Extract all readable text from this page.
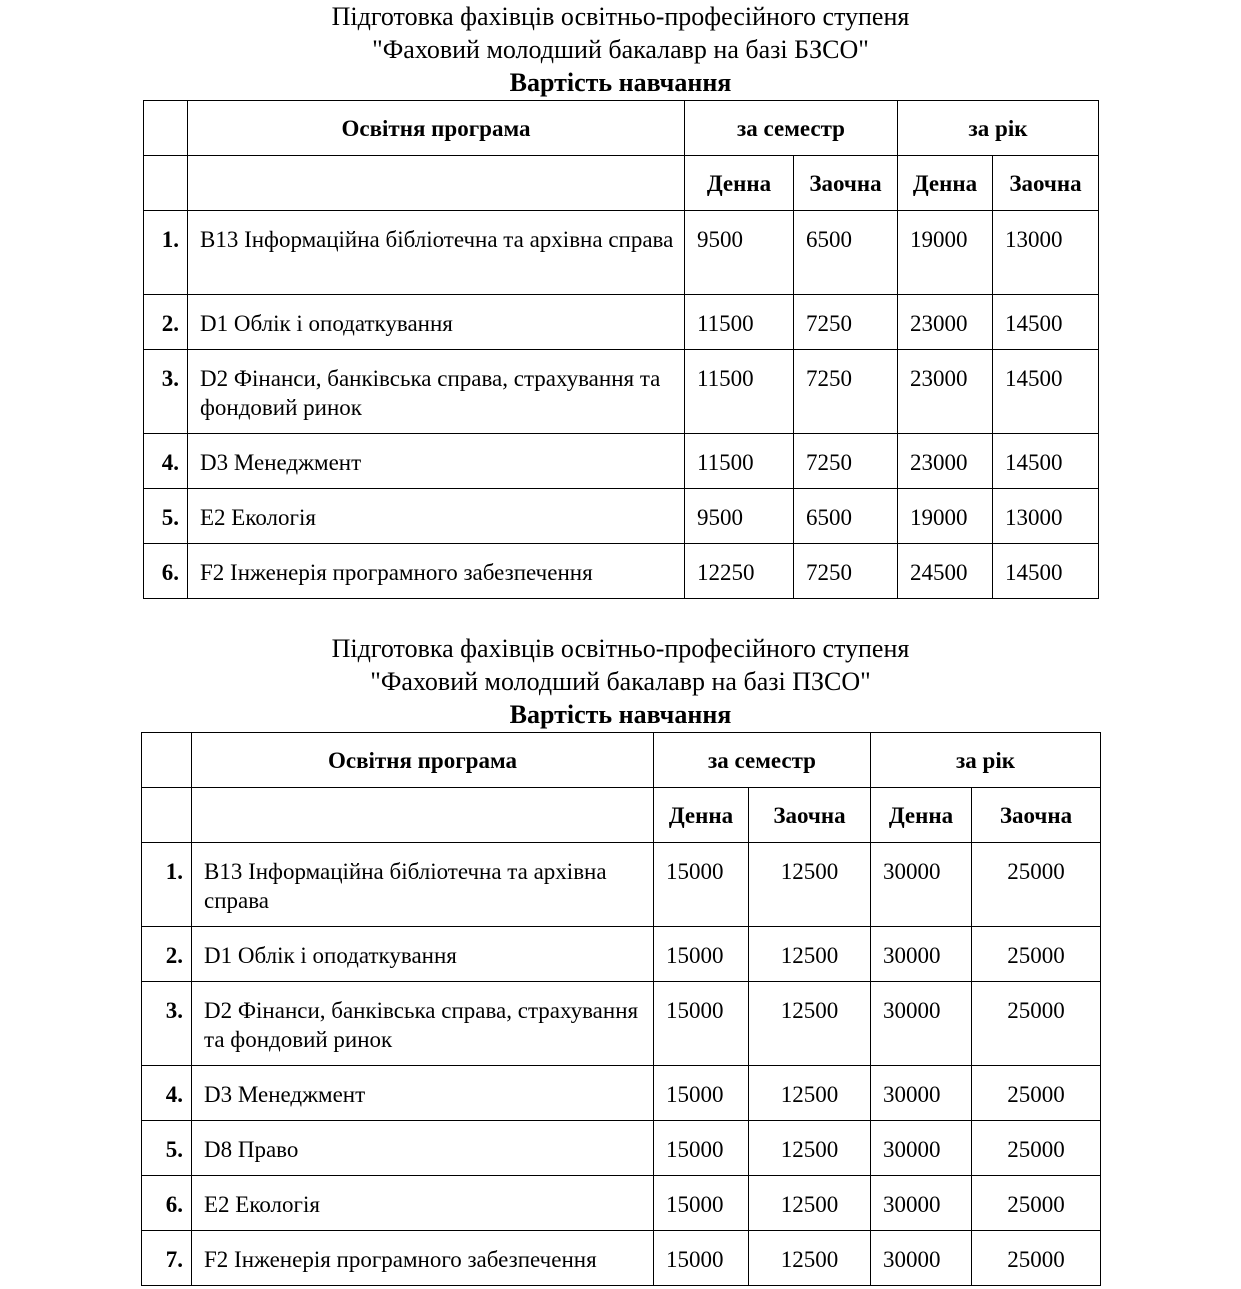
Підготовка фахівців освітньо-професійного ступеня
"Фаховий молодший бакалавр на базі БЗСО"
Вартість навчання
	Освітня програма	за семестр		за рік	
		Денна	Заочна	Денна	Заочна
1.	B13 Інформаційна бібліотечна та архівна справа	9500	6500	19000	13000
2.	D1 Облік і оподаткування	11500	7250	23000	14500
3.	D2 Фінанси, банківська справа, страхування та фондовий ринок	11500	7250	23000	14500
4.	D3 Менеджмент	11500	7250	23000	14500
5.	E2 Екологія	9500	6500	19000	13000
6.	F2 Інженерія програмного забезпечення	12250	7250	24500	14500
Підготовка фахівців освітньо-професійного ступеня
"Фаховий молодший бакалавр на базі ПЗСО"
Вартість навчання
	Освітня програма	за семестр		за рік	
		Денна	Заочна	Денна	Заочна
1.	B13 Інформаційна бібліотечна та архівна справа	15000	12500	30000	25000
2.	D1 Облік і оподаткування	15000	12500	30000	25000
3.	D2 Фінанси, банківська справа, страхування та фондовий ринок	15000	12500	30000	25000
4.	D3 Менеджмент	15000	12500	30000	25000
5.	D8 Право	15000	12500	30000	25000
6.	E2 Екологія	15000	12500	30000	25000
7.	F2 Інженерія програмного забезпечення	15000	12500	30000	25000
